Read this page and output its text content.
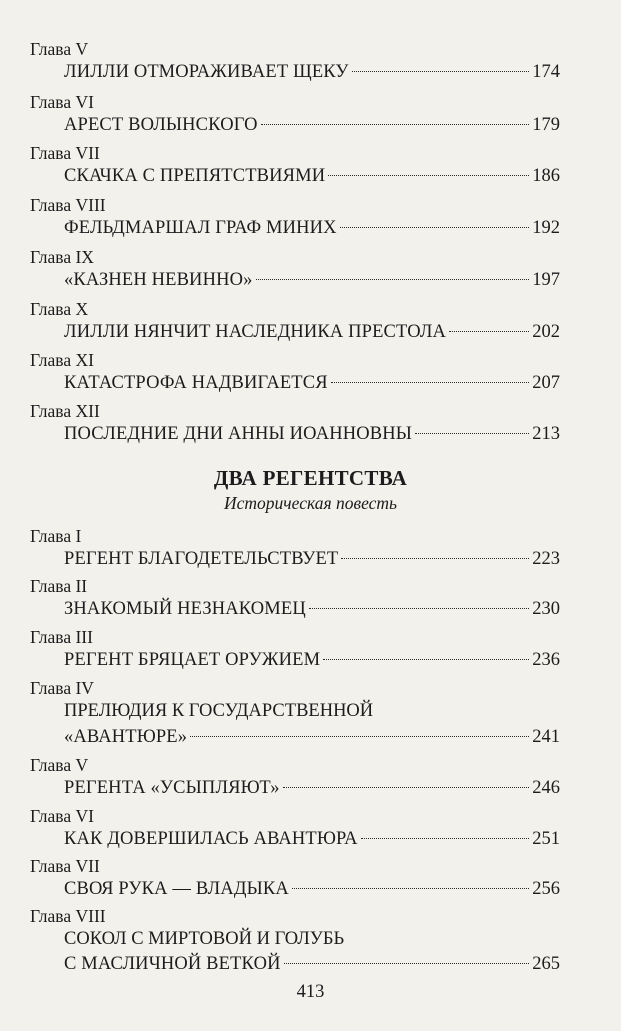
Глава V
ЛИЛЛИ ОТМОРАЖИВАЕТ ЩЕКУ	174
Глава VI
АРЕСТ ВОЛЫНСКОГО	179
Глава VII
СКАЧКА С ПРЕПЯТСТВИЯМИ	186
Глава VIII
ФЕЛЬДМАРШАЛ ГРАФ МИНИХ	192
Глава IX
«КАЗНЕН НЕВИННО»	197
Глава X
ЛИЛЛИ НЯНЧИТ НАСЛЕДНИКА ПРЕСТОЛА	202
Глава XI
КАТАСТРОФА НАДВИГАЕТСЯ	207
Глава XII
ПОСЛЕДНИЕ ДНИ АННЫ ИОАННОВНЫ	213
ДВА РЕГЕНТСТВА
Историческая повесть
Глава I
РЕГЕНТ БЛАГОДЕТЕЛЬСТВУЕТ	223
Глава II
ЗНАКОМЫЙ НЕЗНАКОМЕЦ	230
Глава III
РЕГЕНТ БРЯЦАЕТ ОРУЖИЕМ	236
Глава IV
ПРЕЛЮДИЯ К ГОСУДАРСТВЕННОЙ
«АВАНТЮРЕ»	241
Глава V
РЕГЕНТА «УСЫПЛЯЮТ»	246
Глава VI
КАК ДОВЕРШИЛАСЬ АВАНТЮРА	251
Глава VII
СВОЯ РУКА — ВЛАДЫКА	256
Глава VIII
СОКОЛ С МИРТОВОЙ И ГОЛУБЬ
С МАСЛИЧНОЙ ВЕТКОЙ	265
413
